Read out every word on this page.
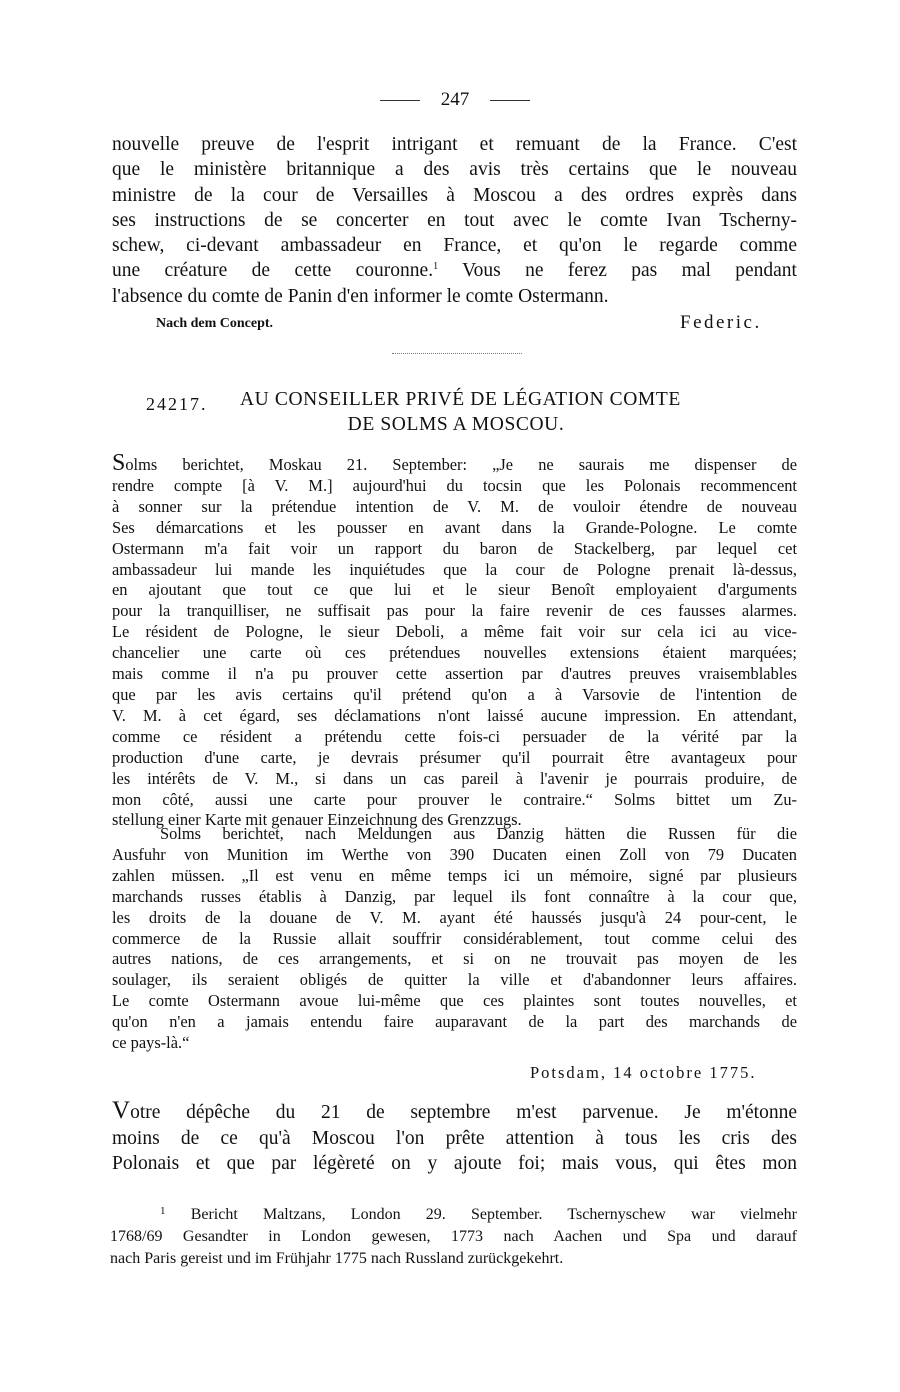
247
nouvelle preuve de l'esprit intrigant et remuant de la France. C'est
que le ministère britannique a des avis très certains que le nouveau
ministre de la cour de Versailles à Moscou a des ordres exprès dans
ses instructions de se concerter en tout avec le comte Ivan Tscherny-
schew, ci-devant ambassadeur en France, et qu'on le regarde comme
une créature de cette couronne.$^1$ Vous ne ferez pas mal pendant
l'absence du comte de Panin d'en informer le comte Ostermann.
Nach dem Concept.	Federic.
24217. AU CONSEILLER PRIVÉ DE LÉGATION COMTE
DE SOLMS A MOSCOU.
Solms berichtet, Moskau 21. September: „Je ne saurais me dispenser de
rendre compte [à V. M.] aujourd'hui du tocsin que les Polonais recommencent
à sonner sur la prétendue intention de V. M. de vouloir étendre de nouveau
Ses démarcations et les pousser en avant dans la Grande-Pologne. Le comte
Ostermann m'a fait voir un rapport du baron de Stackelberg, par lequel cet
ambassadeur lui mande les inquiétudes que la cour de Pologne prenait là-dessus,
en ajoutant que tout ce que lui et le sieur Benoît employaient d'arguments
pour la tranquilliser, ne suffisait pas pour la faire revenir de ces fausses alarmes.
Le résident de Pologne, le sieur Deboli, a même fait voir sur cela ici au vice-
chancelier une carte où ces prétendues nouvelles extensions étaient marquées;
mais comme il n'a pu prouver cette assertion par d'autres preuves vraisemblables
que par les avis certains qu'il prétend qu'on a à Varsovie de l'intention de
V. M. à cet égard, ses déclamations n'ont laissé aucune impression. En attendant,
comme ce résident a prétendu cette fois-ci persuader de la vérité par la
production d'une carte, je devrais présumer qu'il pourrait être avantageux pour
les intérêts de V. M., si dans un cas pareil à l'avenir je pourrais produire, de
mon côté, aussi une carte pour prouver le contraire.“ Solms bittet um Zu-
stellung einer Karte mit genauer Einzeichnung des Grenzzugs.
Solms berichtet, nach Meldungen aus Danzig hätten die Russen für die
Ausfuhr von Munition im Werthe von 390 Ducaten einen Zoll von 79 Ducaten
zahlen müssen. „Il est venu en même temps ici un mémoire, signé par plusieurs
marchands russes établis à Danzig, par lequel ils font connaître à la cour que,
les droits de la douane de V. M. ayant été haussés jusqu'à 24 pour-cent, le
commerce de la Russie allait souffrir considérablement, tout comme celui des
autres nations, de ces arrangements, et si on ne trouvait pas moyen de les
soulager, ils seraient obligés de quitter la ville et d'abandonner leurs affaires.
Le comte Ostermann avoue lui-même que ces plaintes sont toutes nouvelles, et
qu'on n'en a jamais entendu faire auparavant de la part des marchands de
ce pays-là.“
Potsdam, 14 octobre 1775.
Votre dépêche du 21 de septembre m'est parvenue. Je m'étonne
moins de ce qu'à Moscou l'on prête attention à tous les cris des
Polonais et que par légèreté on y ajoute foi; mais vous, qui êtes mon
$^1$ Bericht Maltzans, London 29. September. Tschernyschew war vielmehr
1768/69 Gesandter in London gewesen, 1773 nach Aachen und Spa und darauf
nach Paris gereist und im Frühjahr 1775 nach Russland zurückgekehrt.
